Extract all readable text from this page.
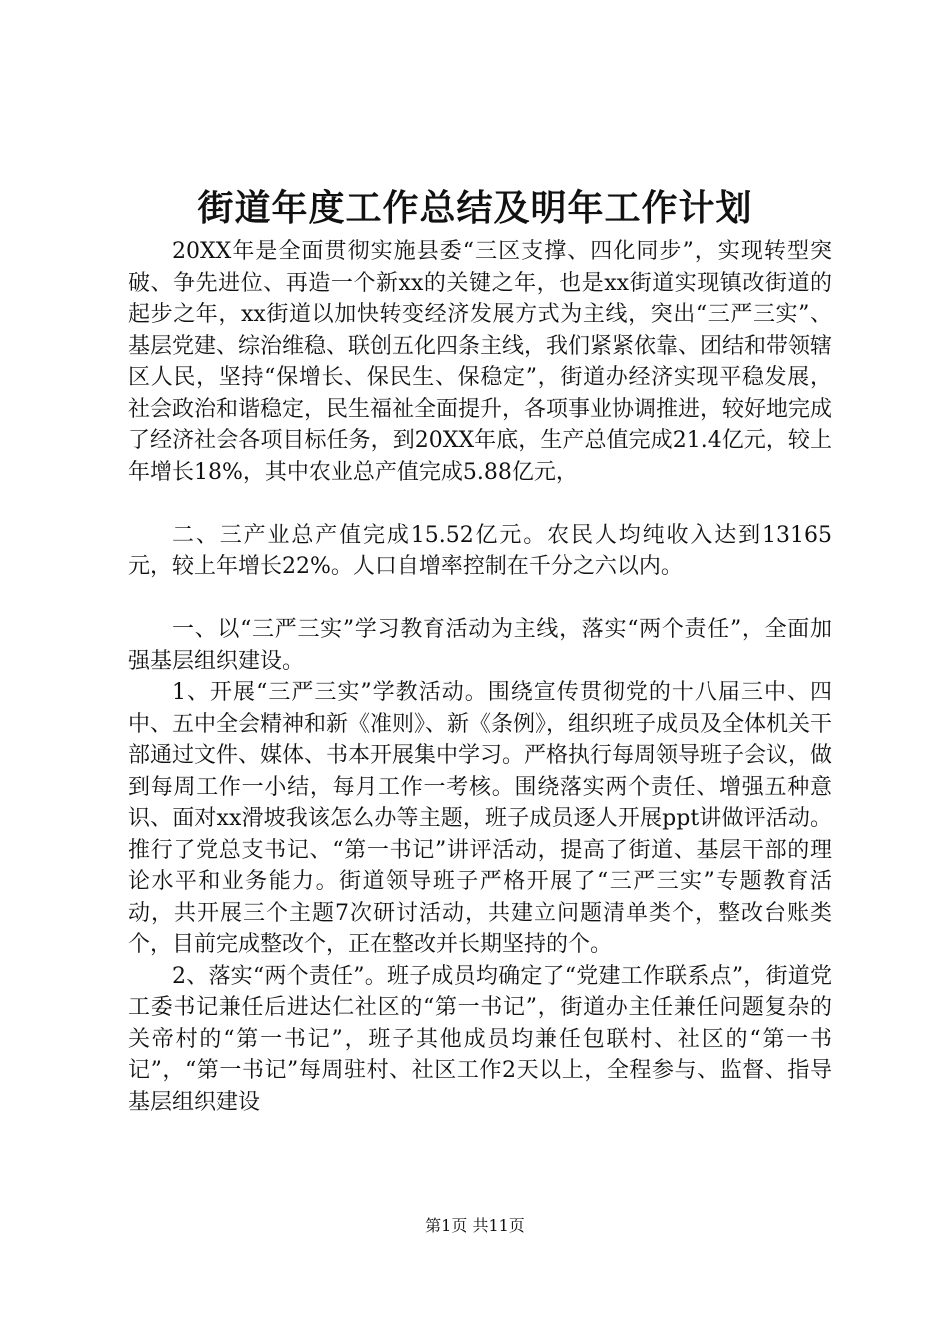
街道年度工作总结及明年工作计划

20XX年是全面贯彻实施县委“三区支撑、四化同步”，实现转型突破、争先进位、再造一个新xx的关键之年，也是xx街道实现镇改街道的起步之年，xx街道以加快转变经济发展方式为主线，突出“三严三实”、基层党建、综治维稳、联创五化四条主线，我们紧紧依靠、团结和带领辖区人民，坚持“保增长、保民生、保稳定”，街道办经济实现平稳发展，社会政治和谐稳定，民生福祉全面提升，各项事业协调推进，较好地完成了经济社会各项目标任务，到20XX年底，生产总值完成21.4亿元，较上年增长18%，其中农业总产值完成5.88亿元，

二、三产业总产值完成15.52亿元。农民人均纯收入达到13165元，较上年增长22%。人口自增率控制在千分之六以内。

一、以“三严三实”学习教育活动为主线，落实“两个责任”，全面加强基层组织建设。

1、开展“三严三实”学教活动。围绕宣传贯彻党的十八届三中、四中、五中全会精神和新《准则》、新《条例》，组织班子成员及全体机关干部通过文件、媒体、书本开展集中学习。严格执行每周领导班子会议，做到每周工作一小结，每月工作一考核。围绕落实两个责任、增强五种意识、面对xx滑坡我该怎么办等主题，班子成员逐人开展ppt讲做评活动。推行了党总支书记、“第一书记”讲评活动，提高了街道、基层干部的理论水平和业务能力。街道领导班子严格开展了“三严三实”专题教育活动，共开展三个主题7次研讨活动，共建立问题清单类个，整改台账类个，目前完成整改个，正在整改并长期坚持的个。

2、落实“两个责任”。班子成员均确定了“党建工作联系点”，街道党工委书记兼任后进达仁社区的“第一书记”，街道办主任兼任问题复杂的关帝村的“第一书记”，班子其他成员均兼任包联村、社区的“第一书记”，“第一书记”每周驻村、社区工作2天以上，全程参与、监督、指导基层组织建设

第1页 共11页
